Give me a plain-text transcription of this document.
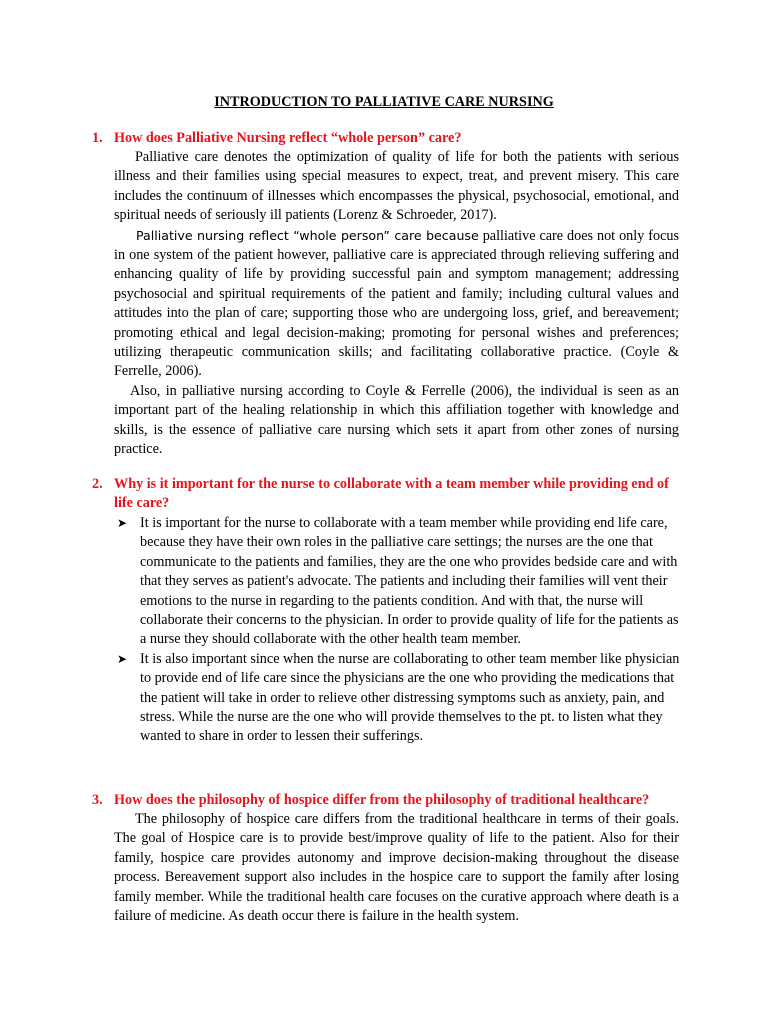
INTRODUCTION TO PALLIATIVE CARE NURSING
1. How does Palliative Nursing reflect “whole person” care?

Palliative care denotes the optimization of quality of life for both the patients with serious illness and their families using special measures to expect, treat, and prevent misery. This care includes the continuum of illnesses which encompasses the physical, psychosocial, emotional, and spiritual needs of seriously ill patients (Lorenz & Schroeder, 2017).

Palliative nursing reflect “whole person” care because palliative care does not only focus in one system of the patient however, palliative care is appreciated through relieving suffering and enhancing quality of life by providing successful pain and symptom management; addressing psychosocial and spiritual requirements of the patient and family; including cultural values and attitudes into the plan of care; supporting those who are undergoing loss, grief, and bereavement; promoting ethical and legal decision-making; promoting for personal wishes and preferences; utilizing therapeutic communication skills; and facilitating collaborative practice. (Coyle & Ferrelle, 2006).

Also, in palliative nursing according to Coyle & Ferrelle (2006), the individual is seen as an important part of the healing relationship in which this affiliation together with knowledge and skills, is the essence of palliative care nursing which sets it apart from other zones of nursing practice.

2. Why is it important for the nurse to collaborate with a team member while providing end of life care?
➤ It is important for the nurse to collaborate with a team member while providing end life care, because they have their own roles in the palliative care settings; the nurses are the one that communicate to the patients and families, they are the one who provides bedside care and with that they serves as patient's advocate. The patients and including their families will vent their emotions to the nurse in regarding to the patients condition. And with that, the nurse will collaborate their concerns to the physician. In order to provide quality of life for the patients as a nurse they should collaborate with the other health team member.
➤ It is also important since when the nurse are collaborating to other team member like physician to provide end of life care since the physicians are the one who providing the medications that the patient will take in order to relieve other distressing symptoms such as anxiety, pain, and stress. While the nurse are the one who will provide themselves to the pt. to listen what they wanted to share in order to lessen their sufferings.
3. How does the philosophy of hospice differ from the philosophy of traditional healthcare?

The philosophy of hospice care differs from the traditional healthcare in terms of their goals. The goal of Hospice care is to provide best/improve quality of life to the patient. Also for their family, hospice care provides autonomy and improve decision-making throughout the disease process. Bereavement support also includes in the hospice care to support the family after losing family member. While the traditional health care focuses on the curative approach where death is a failure of medicine. As death occur there is failure in the health system.
